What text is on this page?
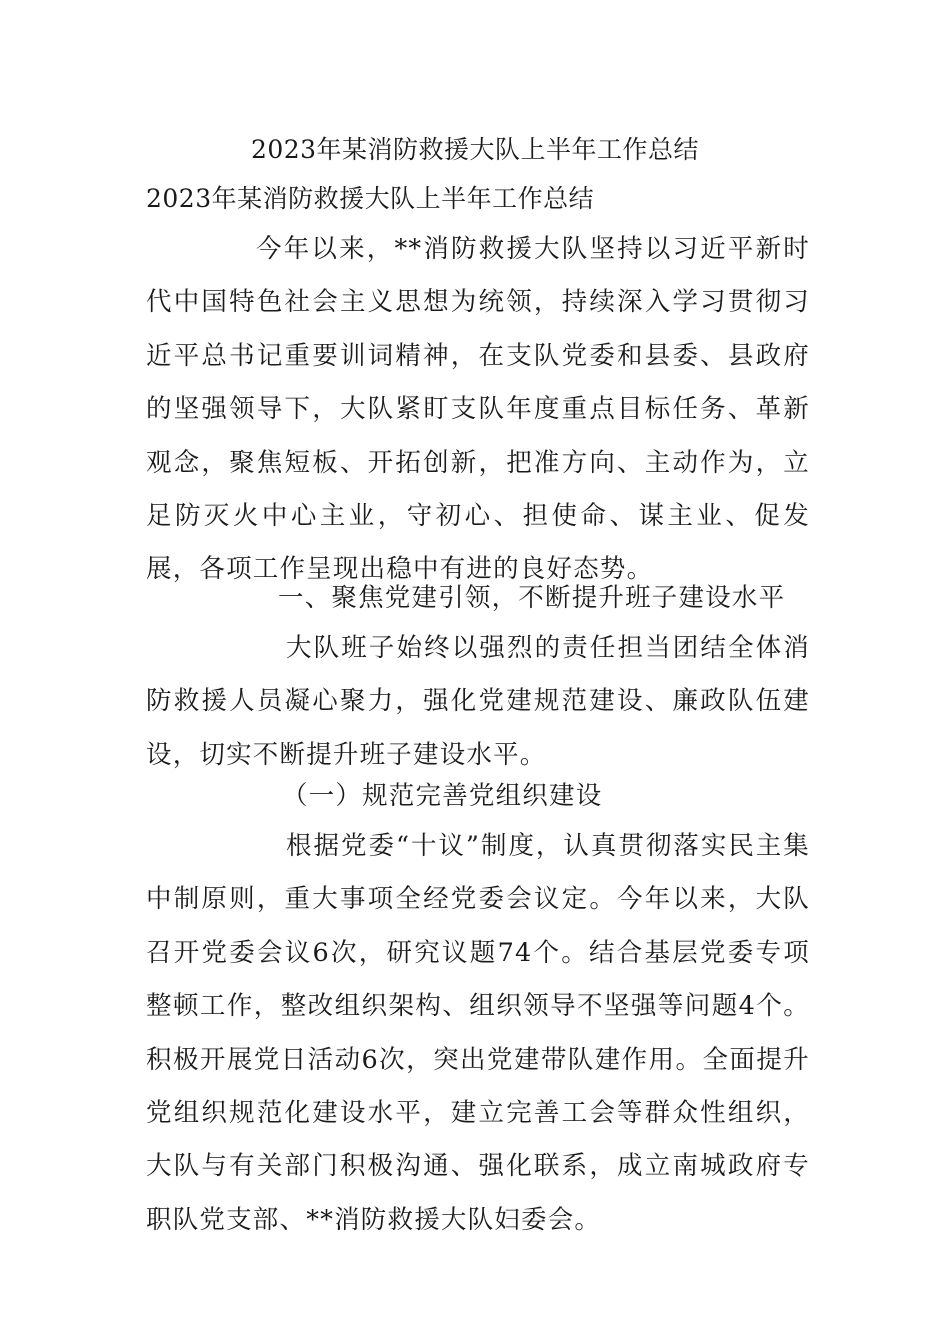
2023年某消防救援大队上半年工作总结
2023年某消防救援大队上半年工作总结

今年以来，**消防救援大队坚持以习近平新时代中国特色社会主义思想为统领，持续深入学习贯彻习近平总书记重要训词精神，在支队党委和县委、县政府的坚强领导下，大队紧盯支队年度重点目标任务、革新观念，聚焦短板、开拓创新，把准方向、主动作为，立足防灭火中心主业，守初心、担使命、谋主业、促发展，各项工作呈现出稳中有进的良好态势。

一、聚焦党建引领，不断提升班子建设水平

大队班子始终以强烈的责任担当团结全体消防救援人员凝心聚力，强化党建规范建设、廉政队伍建设，切实不断提升班子建设水平。

（一）规范完善党组织建设

根据党委“十议”制度，认真贯彻落实民主集中制原则，重大事项全经党委会议定。今年以来，大队召开党委会议6次，研究议题74个。结合基层党委专项整顿工作，整改组织架构、组织领导不坚强等问题4个。积极开展党日活动6次，突出党建带队建作用。全面提升党组织规范化建设水平，建立完善工会等群众性组织，大队与有关部门积极沟通、强化联系，成立南城政府专职队党支部、**消防救援大队妇委会。
